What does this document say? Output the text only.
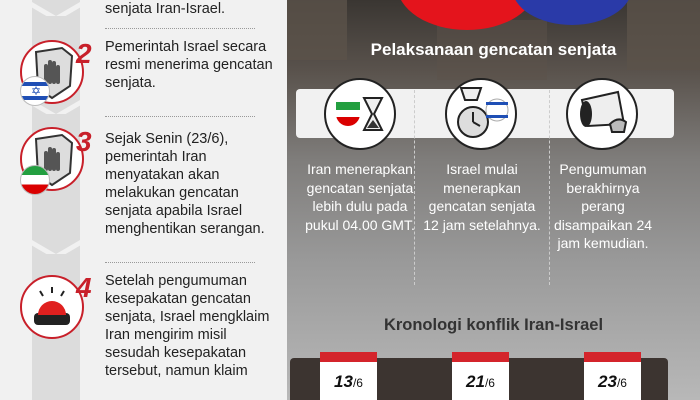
senjata Iran-Israel.
✡
2 Pemerintah Israel secara resmi menerima gencatan senjata.
3 Sejak Senin (23/6), pemerintah Iran menyatakan akan melakukan gencatan senjata apabila Israel menghentikan serangan.
4 Setelah pengumuman kesepakatan gencatan senjata, Israel mengklaim Iran mengirim misil sesudah kesepakatan tersebut, namun klaim
Pelaksanaan gencatan senjata
Iran menerapkan gencatan senjata lebih dulu pada pukul 04.00 GMT.
Israel mulai menerapkan gencatan senjata 12 jam setelahnya.
Pengumuman berakhirnya perang disampaikan 24 jam kemudian.
Kronologi konflik Iran-Israel
13/6	21/6	23/6
